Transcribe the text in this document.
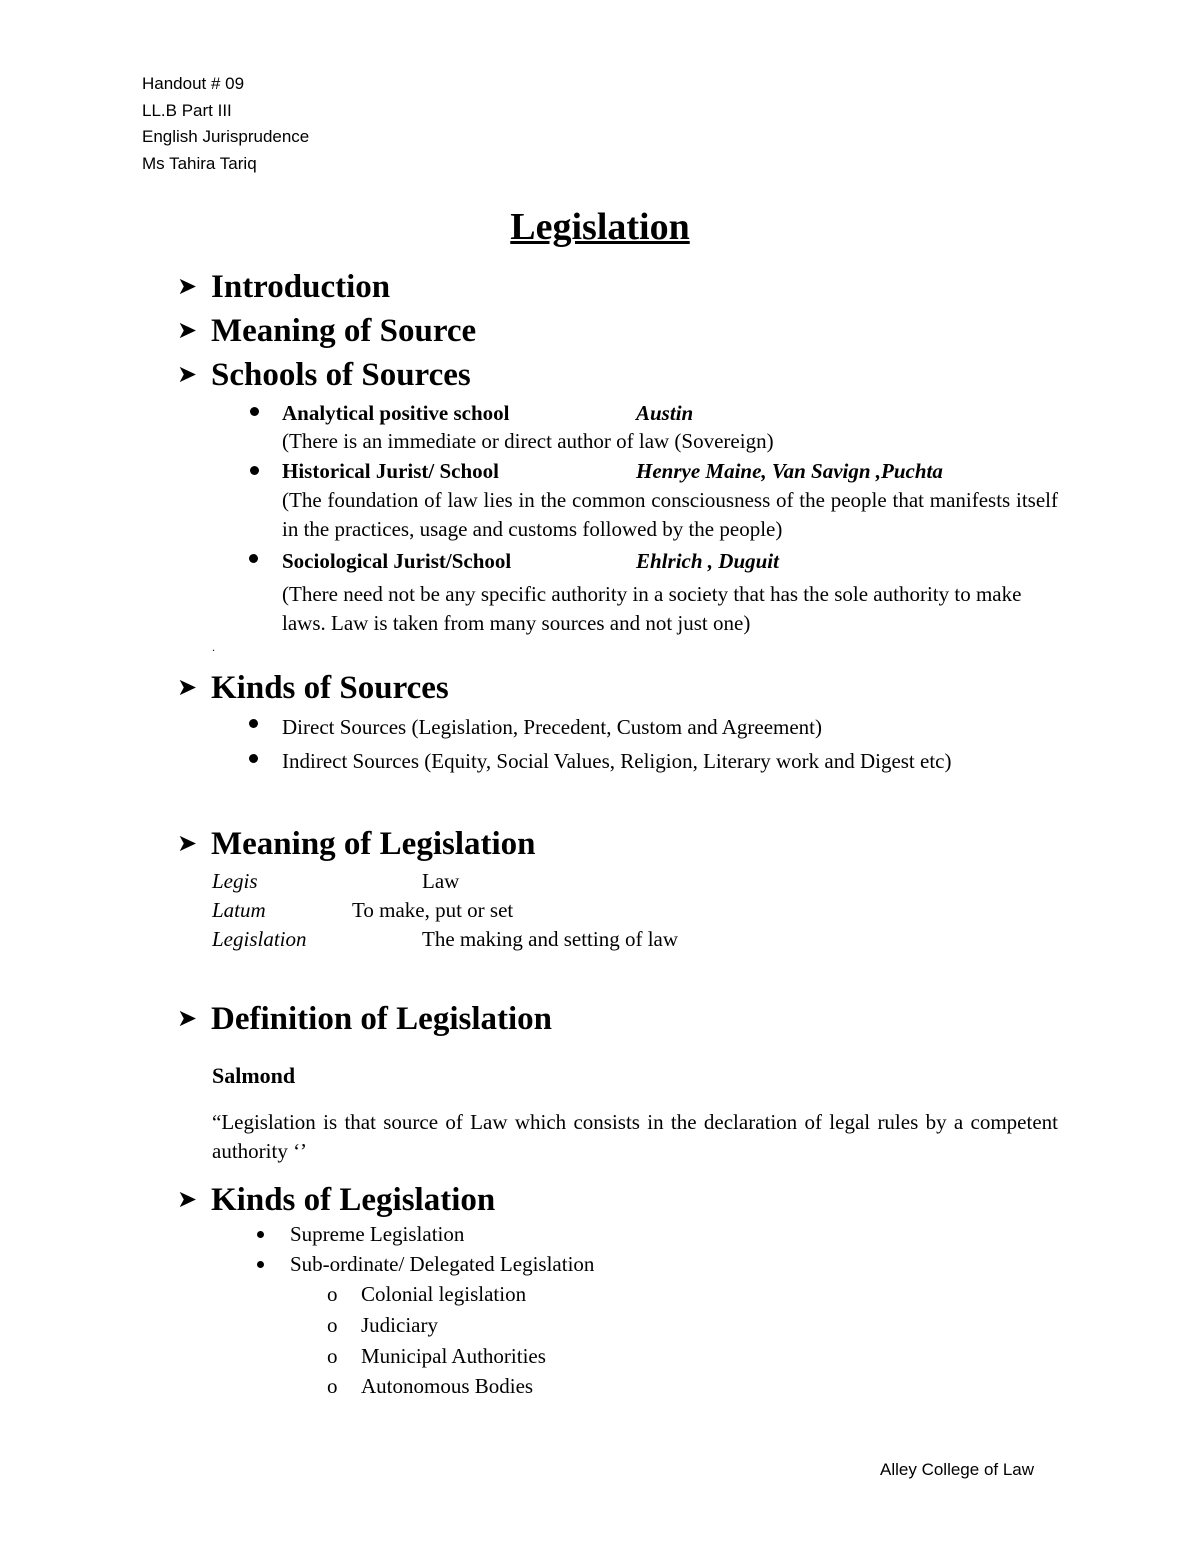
Handout # 09
LL.B Part III
English Jurisprudence
Ms Tahira Tariq
Legislation
➤ Introduction
➤ Meaning of Source
➤ Schools of Sources
Analytical positive school	Austin
(There is an immediate or direct author of law (Sovereign)
Historical Jurist/ School	Henrye Maine, Van Savign ,Puchta
(The foundation of law lies in the common consciousness of the people that manifests itself in the practices, usage and customs followed by the people)
Sociological Jurist/School	Ehlrich , Duguit
(There need not be any specific authority in a society that has the sole authority to make laws. Law is taken from many sources and not just one)
.
➤ Kinds of Sources
Direct Sources (Legislation, Precedent, Custom and Agreement)
Indirect Sources (Equity, Social Values, Religion, Literary work and Digest etc)
➤ Meaning of Legislation
Legis	Law
Latum	To make, put or set
Legislation	The making and setting of law
➤ Definition of Legislation
Salmond
“Legislation is that source of Law which consists in the declaration of legal rules by a competent authority ‘’
➤ Kinds of Legislation
Supreme Legislation
Sub-ordinate/ Delegated Legislation
o Colonial legislation
o Judiciary
o Municipal Authorities
o Autonomous Bodies
Alley College of Law
